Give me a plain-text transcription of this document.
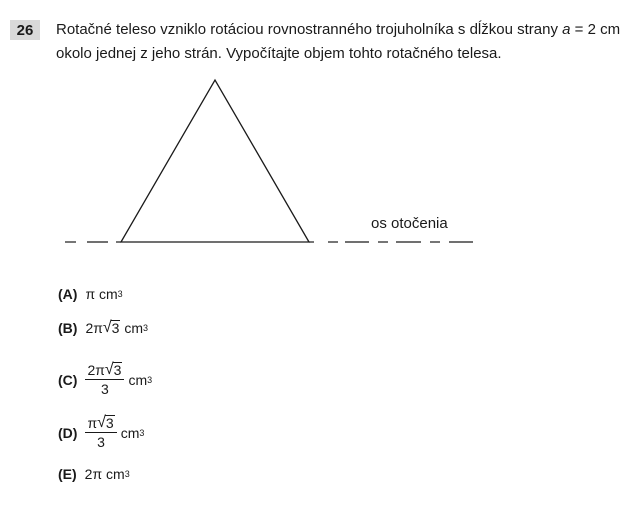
26	Rotačné teleso vzniklo rotáciou rovnostranného trojuholníka s dĺžkou strany a = 2 cm
okolo jednej z jeho strán. Vypočítajte objem tohto rotačného telesa.

os otočenia
(A) π
cm 3
(B) 2π √ 3
cm 3
$(C) \frac{2\pi √ 3}{3}$ cm 3
$(D) \frac{\pi √ 3}{3}$ cm 3
(E) 2π
cm 3
